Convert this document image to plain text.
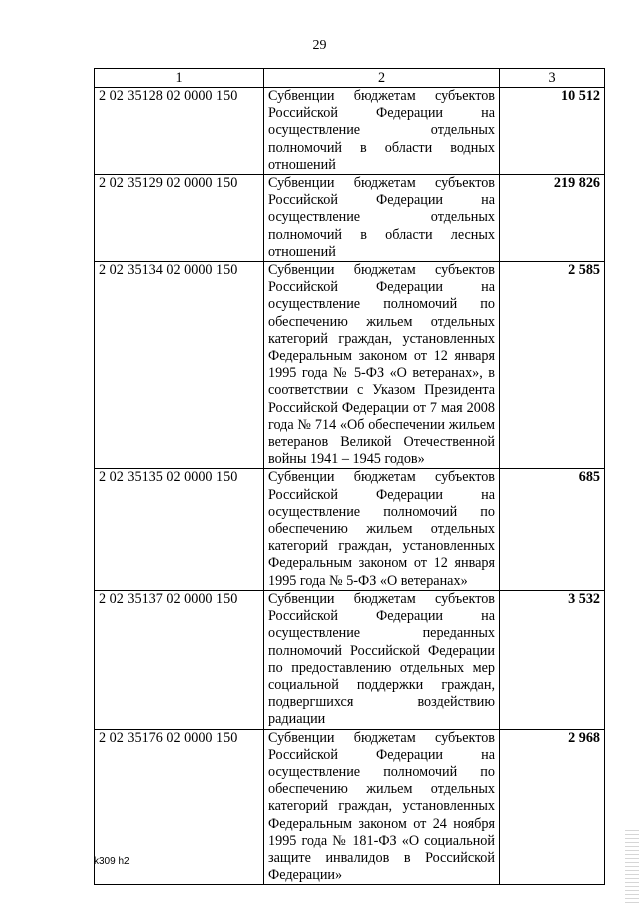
29
1	2	3
2 02 35128 02 0000 150	Субвенции бюджетам субъектов Российской Федерации на осуществление отдельных полномочий в области водных отношений	10 512
2 02 35129 02 0000 150	Субвенции бюджетам субъектов Российской Федерации на осуществление отдельных полномочий в области лесных отношений	219 826
2 02 35134 02 0000 150	Субвенции бюджетам субъектов Российской Федерации на осуществление полномочий по обеспечению жильем отдельных категорий граждан, установленных Федеральным законом от 12 января 1995 года № 5-ФЗ «О ветеранах», в соответствии с Указом Президента Российской Федерации от 7 мая 2008 года № 714 «Об обеспечении жильем ветеранов Великой Отечественной войны 1941 – 1945 годов»	2 585
2 02 35135 02 0000 150	Субвенции бюджетам субъектов Российской Федерации на осуществление полномочий по обеспечению жильем отдельных категорий граждан, установленных Федеральным законом от 12 января 1995 года № 5-ФЗ «О ветеранах»	685
2 02 35137 02 0000 150	Субвенции бюджетам субъектов Российской Федерации на осуществление переданных полномочий Российской Федерации по предоставлению отдельных мер социальной поддержки граждан, подвергшихся воздействию радиации	3 532
2 02 35176 02 0000 150	Субвенции бюджетам субъектов Российской Федерации на осуществление полномочий по обеспечению жильем отдельных категорий граждан, установленных Федеральным законом от 24 ноября 1995 года № 181-ФЗ «О социальной защите инвалидов в Российской Федерации»	2 968
k309 h2
